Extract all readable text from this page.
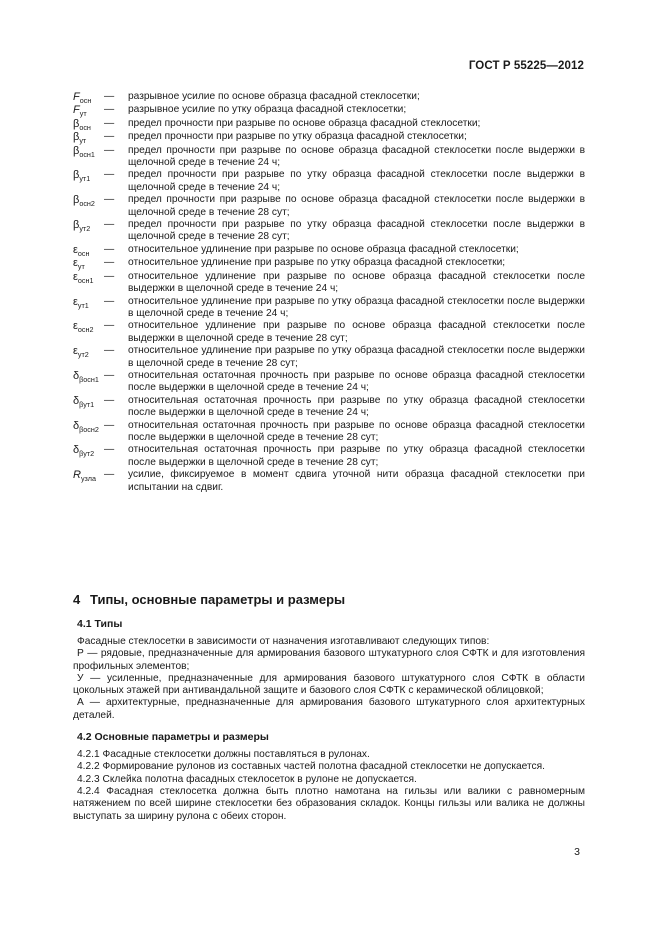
ГОСТ Р 55225—2012
$F_{осн}$	—	разрывное усилие по основе образца фасадной стеклосетки;
$F_{ут}$	—	разрывное усилие по утку образца фасадной стеклосетки;
$\beta_{осн}$	—	предел прочности при разрыве по основе образца фасадной стеклосетки;
$\beta_{ут}$	—	предел прочности при разрыве по утку образца фасадной стеклосетки;
$\beta_{осн1}$ —	предел прочности при разрыве по основе образца фасадной стеклосетки после выдержки в щелочной среде в течение 24 ч;
$\beta_{ут1}$	—	предел прочности при разрыве по утку образца фасадной стеклосетки после выдержки в щелочной среде в течение 24 ч;
$\beta_{осн2}$ —	предел прочности при разрыве по основе образца фасадной стеклосетки после выдержки в щелочной среде в течение 28 сут;
$\beta_{ут2}$	—	предел прочности при разрыве по утку образца фасадной стеклосетки после выдержки в щелочной среде в течение 28 сут;
$\varepsilon_{осн}$	—	относительное удлинение при разрыве по основе образца фасадной стеклосетки;
$\varepsilon_{ут}$	—	относительное удлинение при разрыве по утку образца фасадной стеклосетки;
$\varepsilon_{осн1}$	—	относительное удлинение при разрыве по основе образца фасадной стеклосетки после выдержки в щелочной среде в течение 24 ч;
$\varepsilon_{ут1}$	—	относительное удлинение при разрыве по утку образца фасадной стеклосетки после выдержки в щелочной среде в течение 24 ч;
$\varepsilon_{осн2}$	—	относительное удлинение при разрыве по основе образца фасадной стеклосетки после выдержки в щелочной среде в течение 28 сут;
$\varepsilon_{ут2}$	—	относительное удлинение при разрыве по утку образца фасадной стеклосетки после выдержки в щелочной среде в течение 28 сут;
$\delta_{\beta осн1}$ —	относительная остаточная прочность при разрыве по основе образца фасадной стеклосетки после выдержки в щелочной среде в течение 24 ч;
$\delta_{\beta ут1}$ —	относительная остаточная прочность при разрыве по утку образца фасадной стеклосетки после выдержки в щелочной среде в течение 24 ч;
$\delta_{\beta осн2}$ —	относительная остаточная прочность при разрыве по основе образца фасадной стеклосетки после выдержки в щелочной среде в течение 28 сут;
$\delta_{\beta ут2}$ —	относительная остаточная прочность при разрыве по утку образца фасадной стеклосетки после выдержки в щелочной среде в течение 28 сут;
$R_{узла}$ —	усилие, фиксируемое в момент сдвига уточной нити образца фасадной стеклосетки при испытании на сдвиг.
4 Типы, основные параметры и размеры
4.1 Типы

Фасадные стеклосетки в зависимости от назначения изготавливают следующих типов:

Р — рядовые, предназначенные для армирования базового штукатурного слоя СФТК и для изготовления профильных элементов;

У — усиленные, предназначенные для армирования базового штукатурного слоя СФТК в области цокольных этажей при антивандальной защите и базового слоя СФТК с керамической облицовкой;

А — архитектурные, предназначенные для армирования базового штукатурного слоя архитектурных деталей.

4.2 Основные параметры и размеры

4.2.1 Фасадные стеклосетки должны поставляться в рулонах.

4.2.2 Формирование рулонов из составных частей полотна фасадной стеклосетки не допускается.

4.2.3 Склейка полотна фасадных стеклосеток в рулоне не допускается.

4.2.4 Фасадная стеклосетка должна быть плотно намотана на гильзы или валики с равномерным натяжением по всей ширине стеклосетки без образования складок. Концы гильзы или валика не должны выступать за ширину рулона с обеих сторон.

3
